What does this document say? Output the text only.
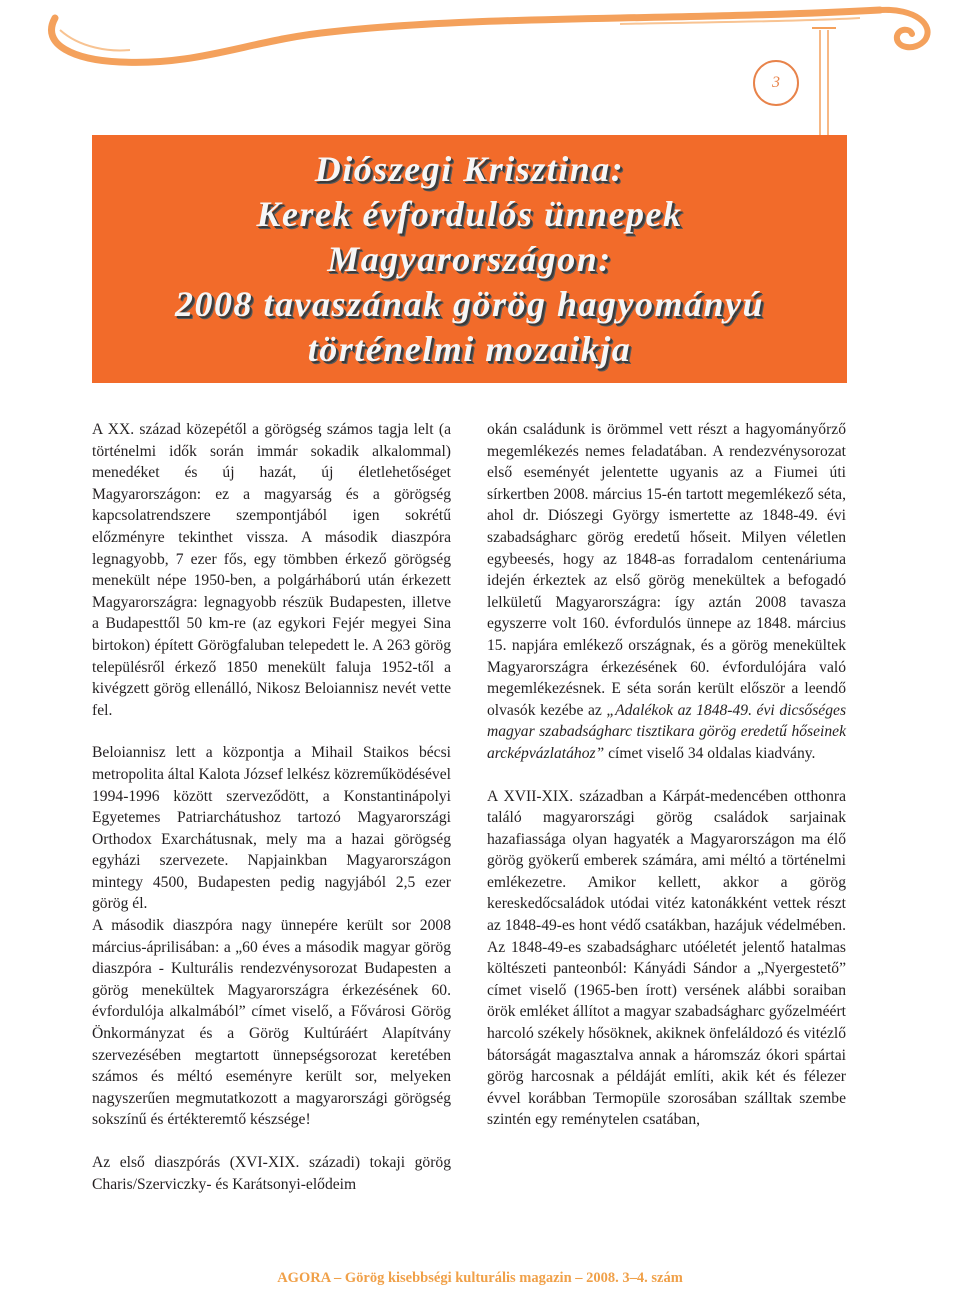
3
Diószegi Krisztina:
Kerek évfordulós ünnepek
Magyarországon:
2008 tavaszának görög hagyományú
történelmi mozaikja

A XX. század közepétől a görögség számos tagja lelt (a történelmi idők során immár sokadik alkalommal) menedéket és új hazát, új életlehetőséget Magyarországon: ez a magyarság és a görögség kapcsolatrendszere szempontjából igen sokrétű előzményre tekinthet vissza. A második diaszpóra legnagyobb, 7 ezer fős, egy tömbben érkező görögség menekült népe 1950-ben, a polgárháború után érkezett Magyarországra: legnagyobb részük Budapesten, illetve a Budapesttől 50 km-re (az egykori Fejér megyei Sina birtokon) épített Görögfaluban telepedett le. A 263 görög településről érkező 1850 menekült faluja 1952-től a kivégzett görög ellenálló, Nikosz Beloiannisz nevét vette fel.

Beloiannisz lett a központja a Mihail Staikos bécsi metropolita által Kalota József lelkész közreműködésével 1994-1996 között szerveződött, a Konstantinápolyi Egyetemes Patriarchátushoz tartozó Magyarországi Orthodox Exarchátusnak, mely ma a hazai görögség egyházi szervezete. Napjainkban Magyarországon mintegy 4500, Budapesten pedig nagyjából 2,5 ezer görög él.

A második diaszpóra nagy ünnepére került sor 2008 március-áprilisában: a „60 éves a második magyar görög diaszpóra - Kulturális rendezvénysorozat Budapesten a görög menekültek Magyarországra érkezésének 60. évfordulója alkalmából” címet viselő, a Fővárosi Görög Önkormányzat és a Görög Kultúráért Alapítvány szervezésében megtartott ünnepségsorozat keretében számos és méltó eseményre került sor, melyeken nagyszerűen megmutatkozott a magyarországi görögség sokszínű és értékteremtő készsége!

Az első diaszpórás (XVI-XIX. századi) tokaji görög Charis/Szerviczky- és Karátsonyi-elődeim

okán családunk is örömmel vett részt a hagyományőrző megemlékezés nemes feladatában. A rendezvénysorozat első eseményét jelentette ugyanis az a Fiumei úti sírkertben 2008. március 15-én tartott megemlékező séta, ahol dr. Diószegi György ismertette az 1848-49. évi szabadságharc görög eredetű hőseit. Milyen véletlen egybeesés, hogy az 1848-as forradalom centenáriuma idején érkeztek az első görög menekültek a befogadó lelkületű Magyarországra: így aztán 2008 tavasza egyszerre volt 160. évfordulós ünnepe az 1848. március 15. napjára emlékező országnak, és a görög menekültek Magyarországra érkezésének 60. évfordulójára való megemlékezésnek. E séta során került először a leendő olvasók kezébe az „Adalékok az 1848-49. évi dicsőséges magyar szabadságharc tisztikara görög eredetű hőseinek arcképvázlatához” címet viselő 34 oldalas kiadvány.

A XVII-XIX. században a Kárpát-medencében otthonra találó magyarországi görög családok sarjainak hazafiassága olyan hagyaték a Magyarországon ma élő görög gyökerű emberek számára, ami méltó a történelmi emlékezetre. Amikor kellett, akkor a görög kereskedőcsaládok utódai vitéz katonákként vettek részt az 1848-49-es hont védő csatákban, hazájuk védelmében. Az 1848-49-es szabadságharc utóéletét jelentő hatalmas költészeti panteonból: Kányádi Sándor a „Nyergestető” címet viselő (1965-ben írott) versének alábbi soraiban örök emléket állítot a magyar szabadságharc győzelméért harcoló székely hősöknek, akiknek önfeláldozó és vitézlő bátorságát magasztalva annak a háromszáz ókori spártai görög harcosnak a példáját említi, akik két és félezer évvel korábban Termopüle szorosában szálltak szembe szintén egy reménytelen csatában,

AGORA – Görög kisebbségi kulturális magazin – 2008. 3–4. szám
